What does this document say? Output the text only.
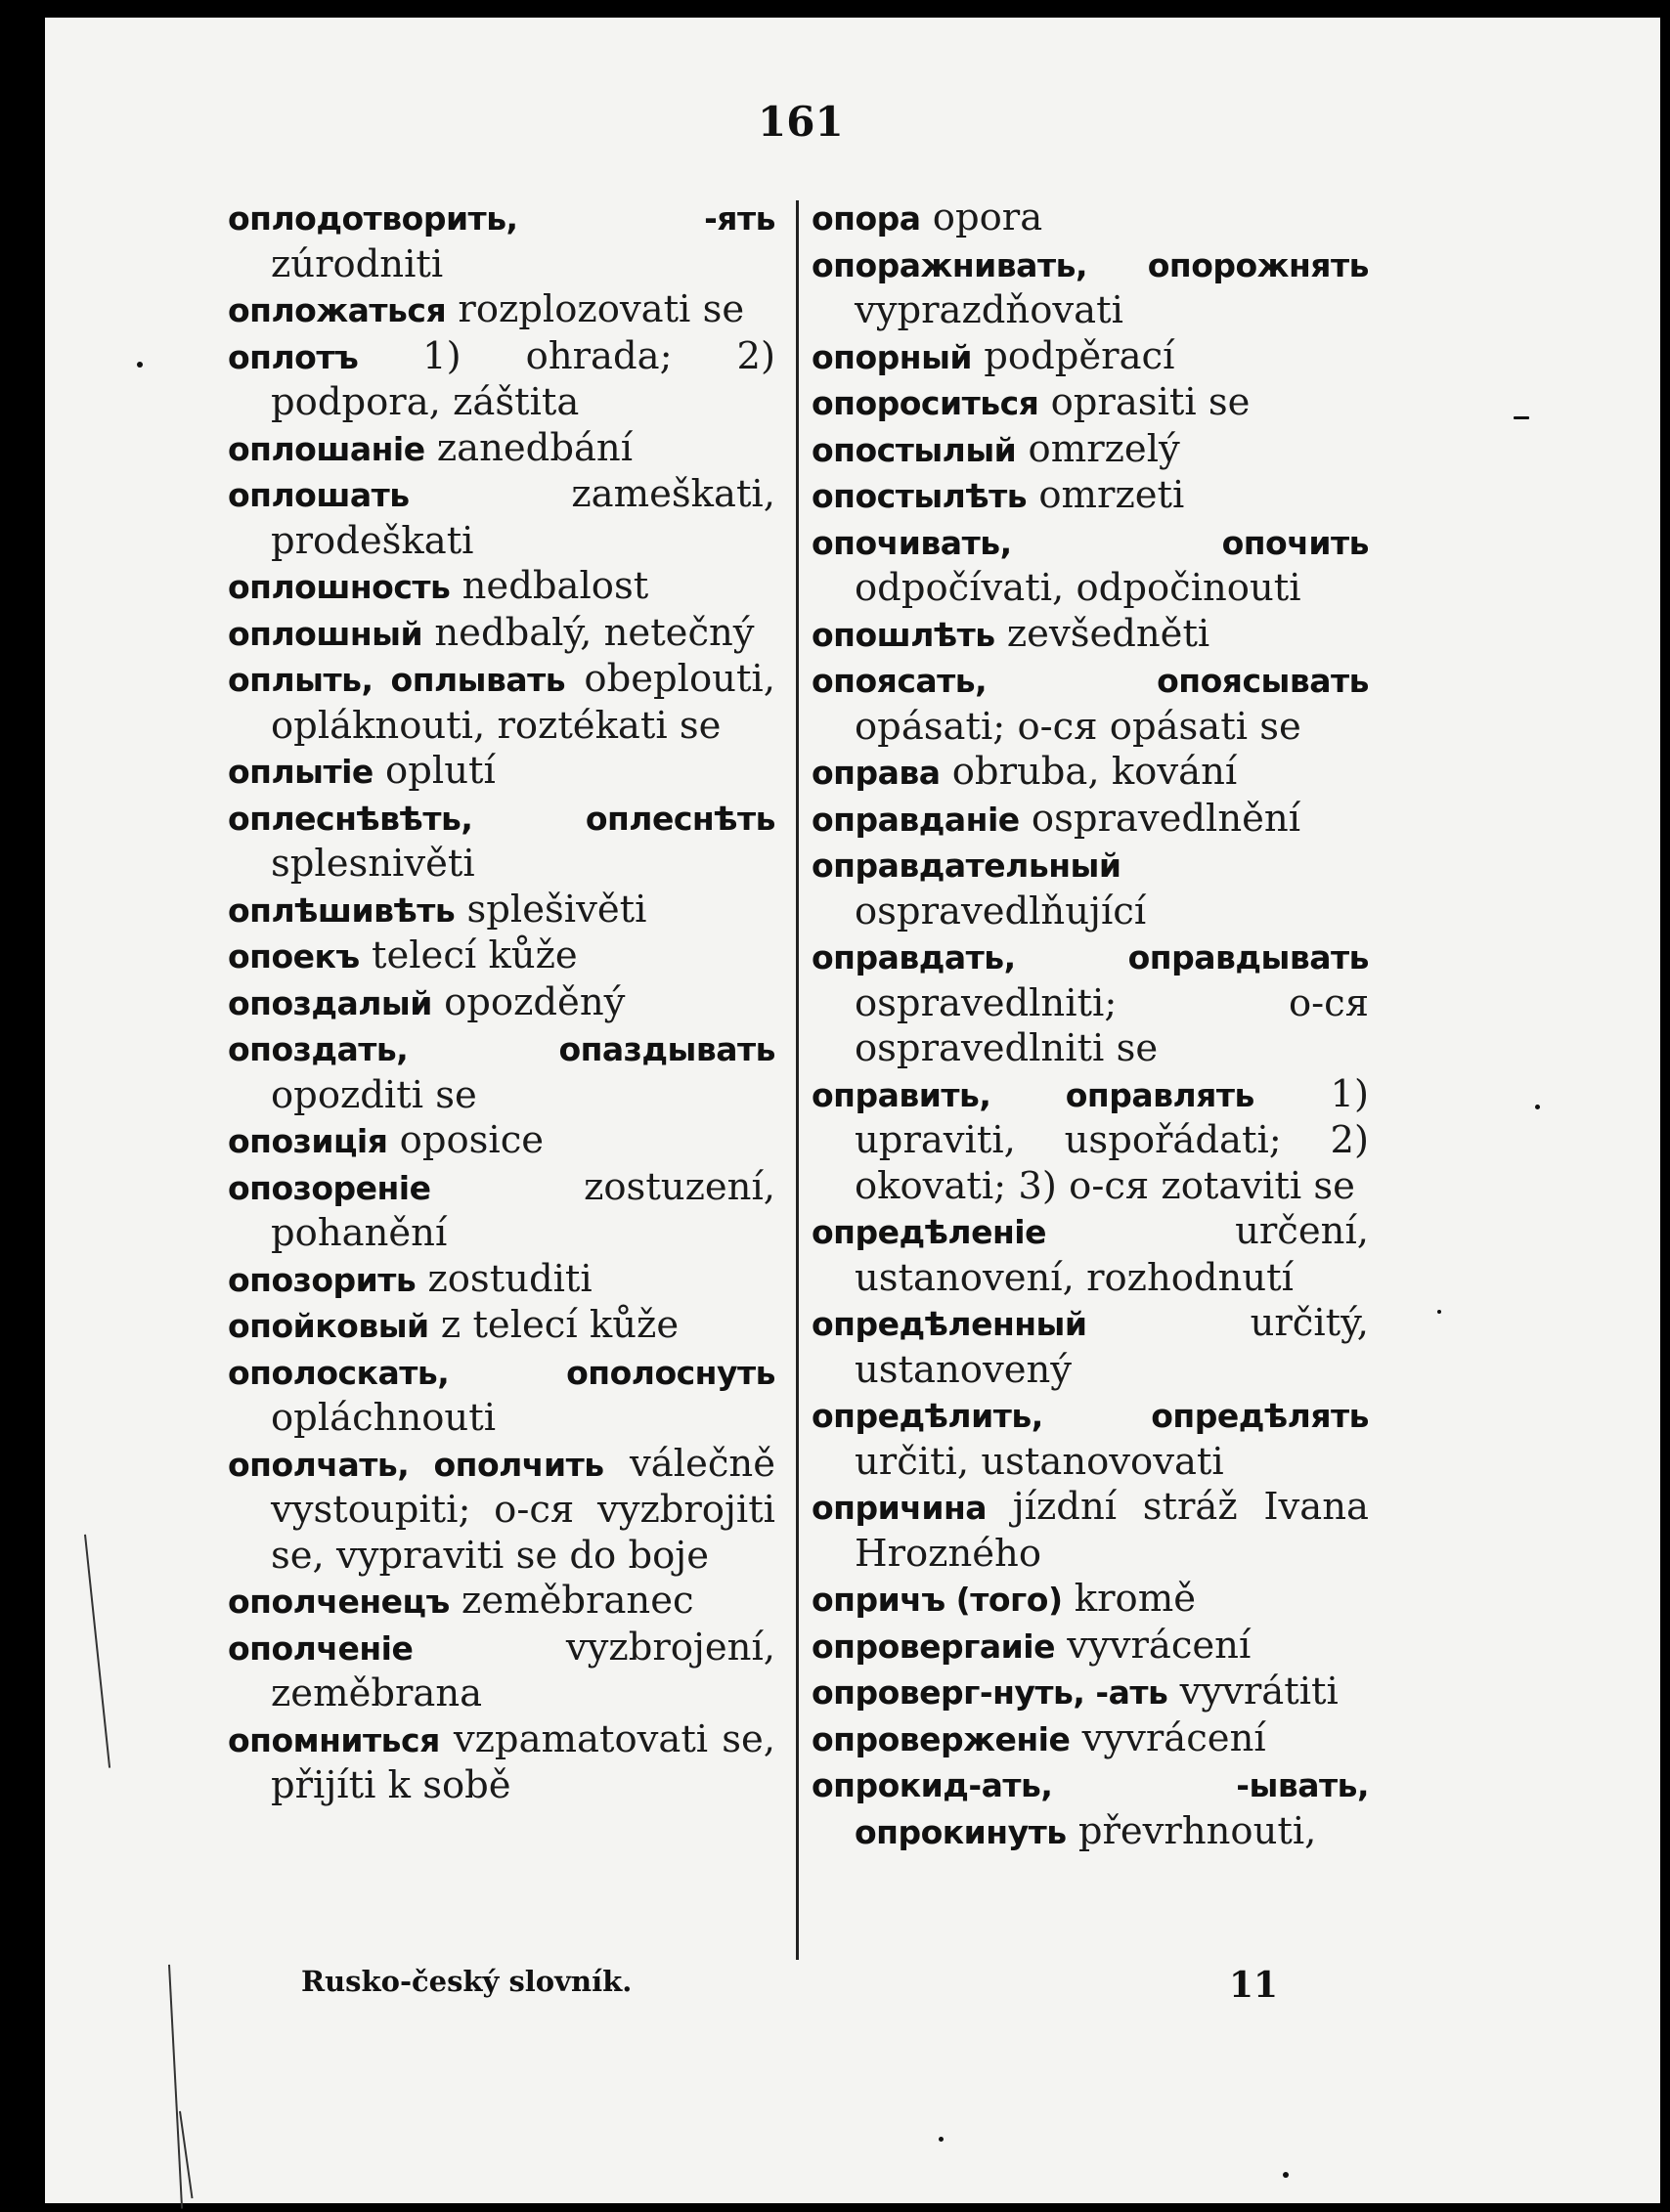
161
оплодотворить, -ять zúrodniti
опложаться rozplozovati se
оплотъ 1) ohrada; 2) podpora, záštita
оплошаніе zanedbání
оплошать zameškati, prodeškati
оплошность nedbalost
оплошный nedbalý, netečný
оплыть, оплывать obeplouti, opláknouti, roztékati se
оплытіе oplutí
оплеснѣвѣть, оплеснѣть splesnivěti
оплѣшивѣть splešivěti
опоекъ telecí kůže
опоздалый opozděný
опоздать, опаздывать opozditi se
опозиція oposice
опозореніе zostuzení, pohanění
опозорить zostuditi
опойковый z telecí kůže
ополоскать, ополоснуть opláchnouti
ополчать, ополчить válečně vystoupiti; о-ся vyzbrojiti se, vypraviti se do boje
ополченецъ zeměbranec
ополченіе vyzbrojení, zeměbrana
опомниться vzpamatovati se, přijíti k sobě
опора opora
опоражнивать, опорожнять vyprazdňovati
опорный podpěrací
опороситься oprasiti se
опостылый omrzelý
опостылѣть omrzeti
опочивать, опочить odpočívati, odpočinouti
опошлѣть zevšedněti
опоясать, опоясывать opásati; о-ся opásati se
оправа obruba, kování
оправданіе ospravedlnění
оправдательный ospravedlňující
оправдать, оправдывать ospravedlniti; о-ся ospravedlniti se
оправить, оправлять 1) upraviti, uspořádati; 2) okovati; 3) о-ся zotaviti se
опредѣленіе určení, ustanovení, rozhodnutí
опредѣленный určitý, ustanovený
опредѣлить, опредѣлять určiti, ustanovovati
опричина jízdní stráž Ivana Hrozného
опричъ (того) kromě
опровергаиіе vyvrácení
опроверг-нуть, -ать vyvrátiti
опроверженіе vyvrácení
опрокид-ать, -ывать, опрокинуть převrhnouti,
Rusko-český slovník.	11
